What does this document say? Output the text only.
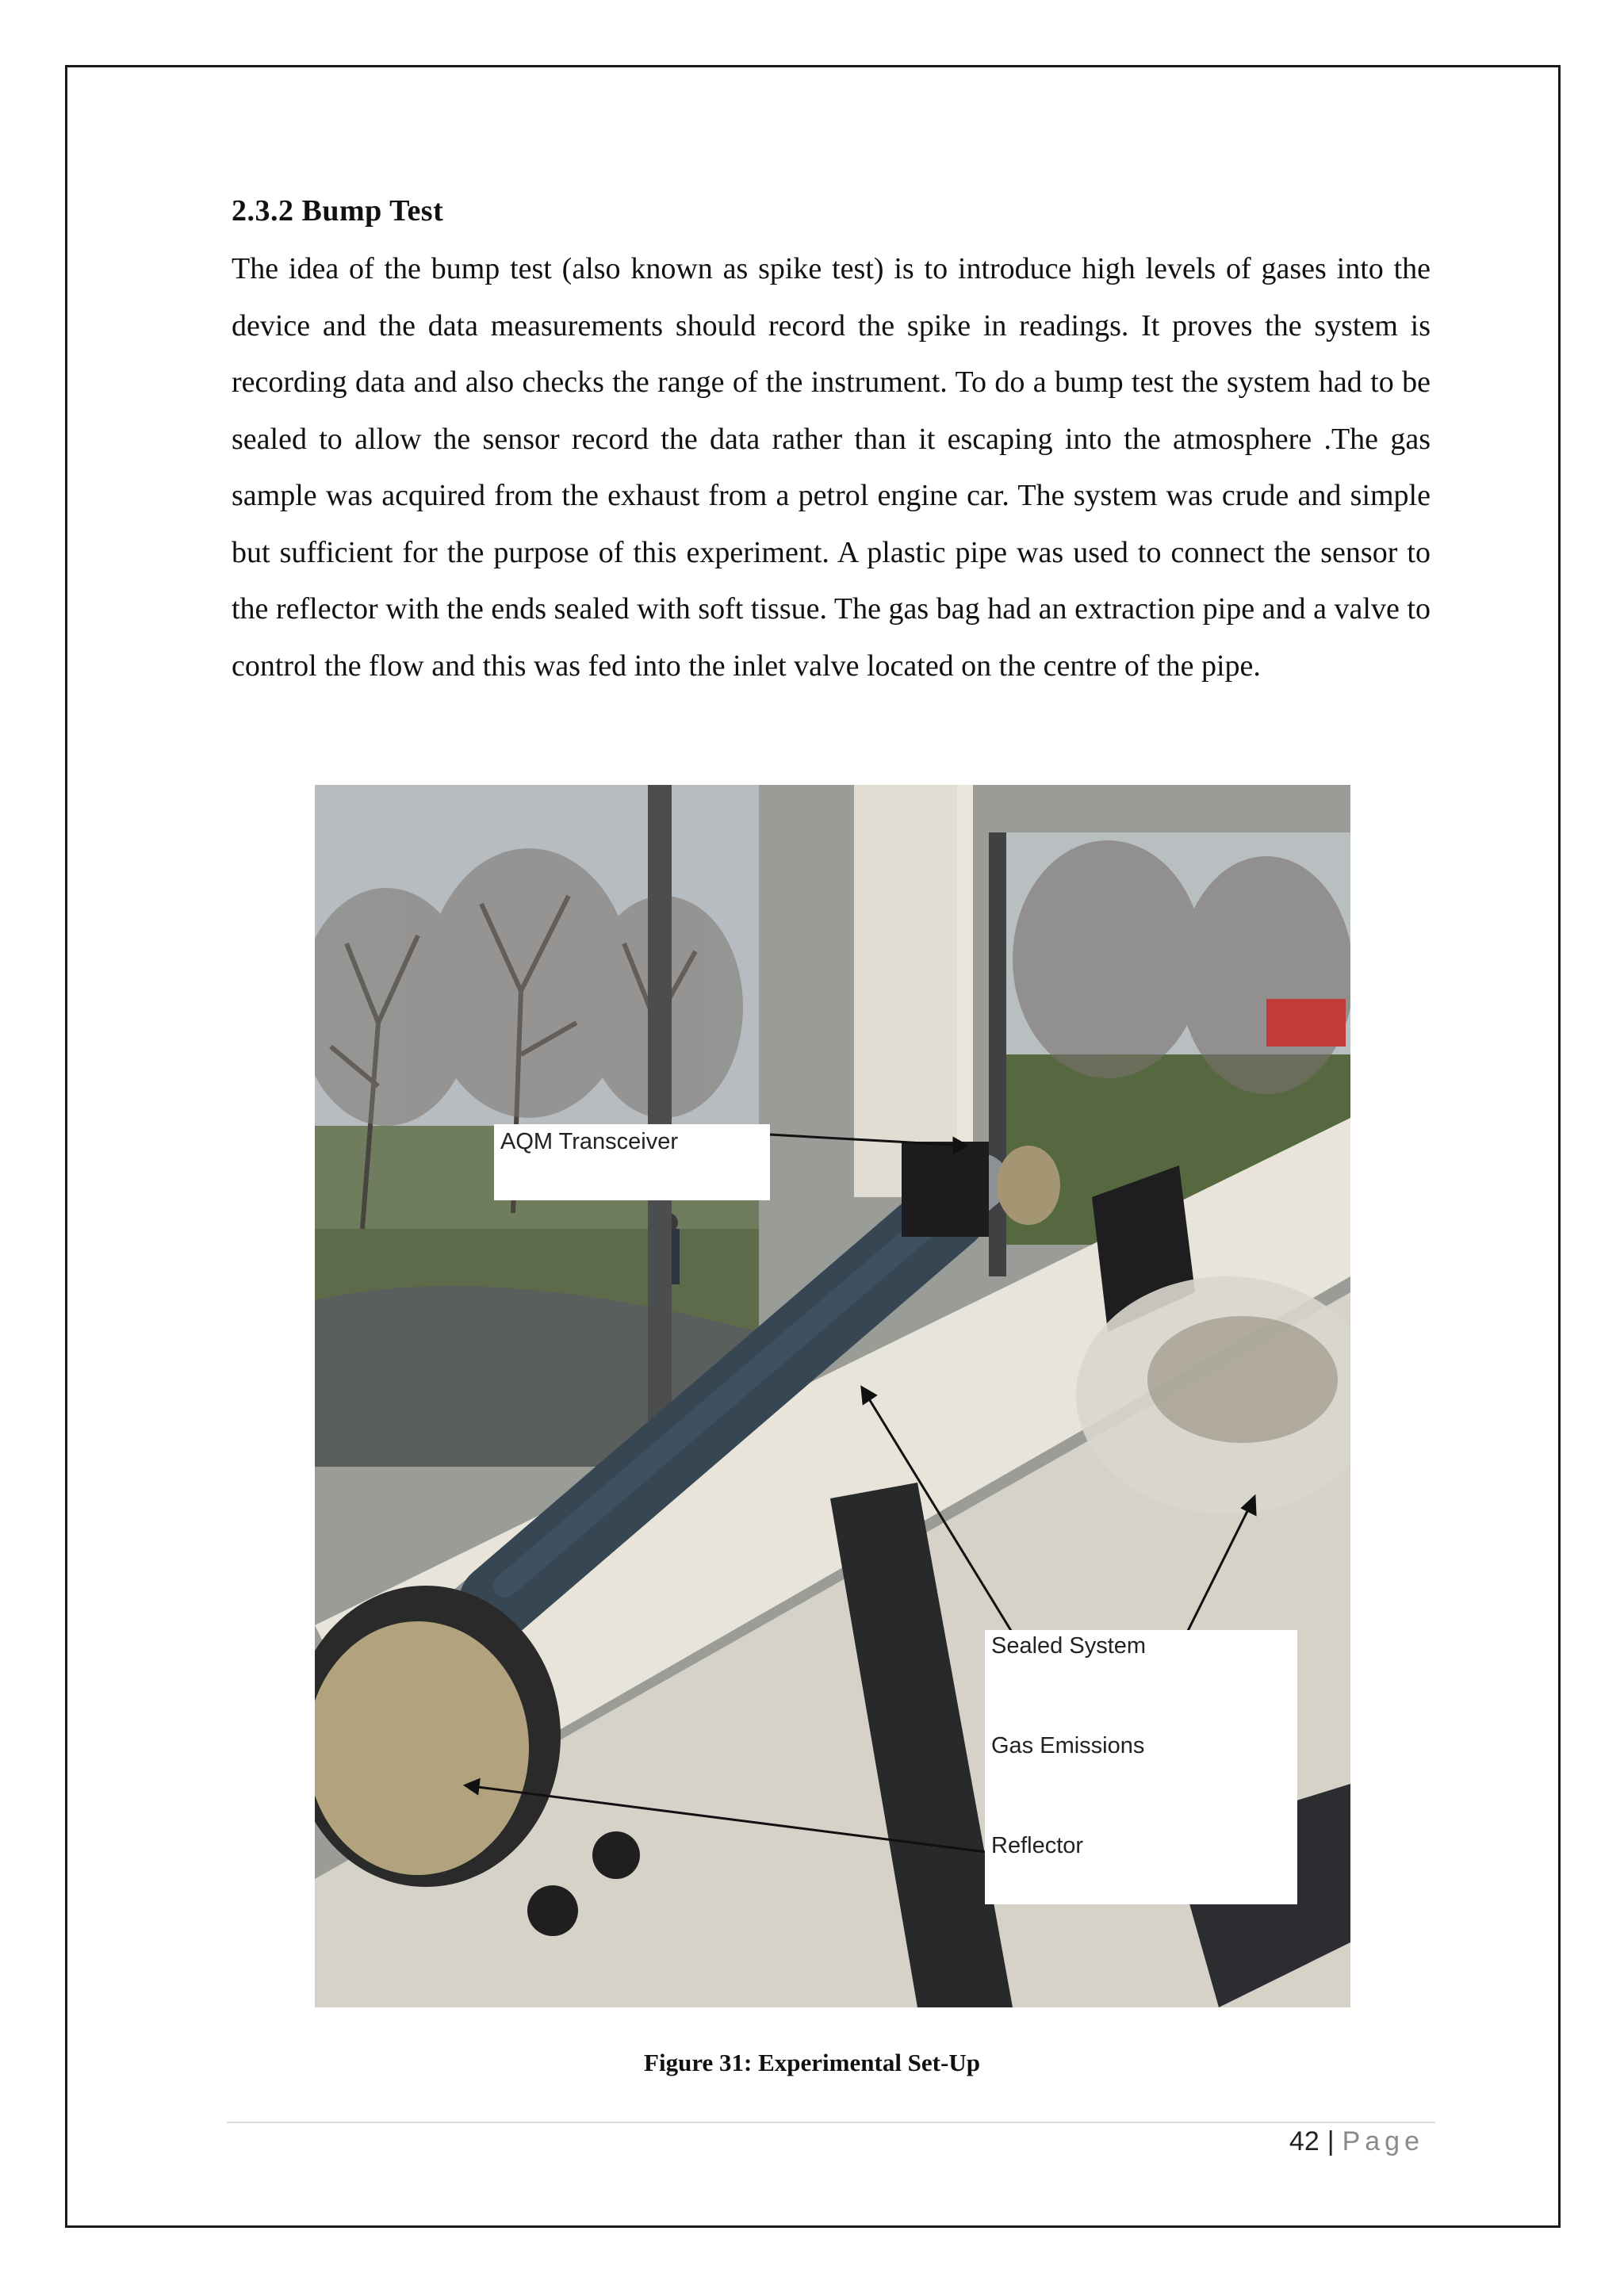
2.3.2 Bump Test

The idea of the bump test (also known as spike test) is to introduce high levels of gases into the device and the data measurements should record the spike in readings. It proves the system is recording data and also checks the range of the instrument. To do a bump test the system had to be sealed to allow the sensor record the data rather than it escaping into the atmosphere .The gas sample was acquired from the exhaust from a petrol engine car. The system was crude and simple but sufficient for the purpose of this experiment. A plastic pipe was used to connect the sensor to the reflector with the ends sealed with soft tissue. The gas bag had an extraction pipe and a valve to control the flow and this was fed into the inlet valve located on the centre of the pipe.

AQM Transceiver
Sealed System
Gas Emissions
Reflector
Figure 31: Experimental Set-Up
42 | Page
